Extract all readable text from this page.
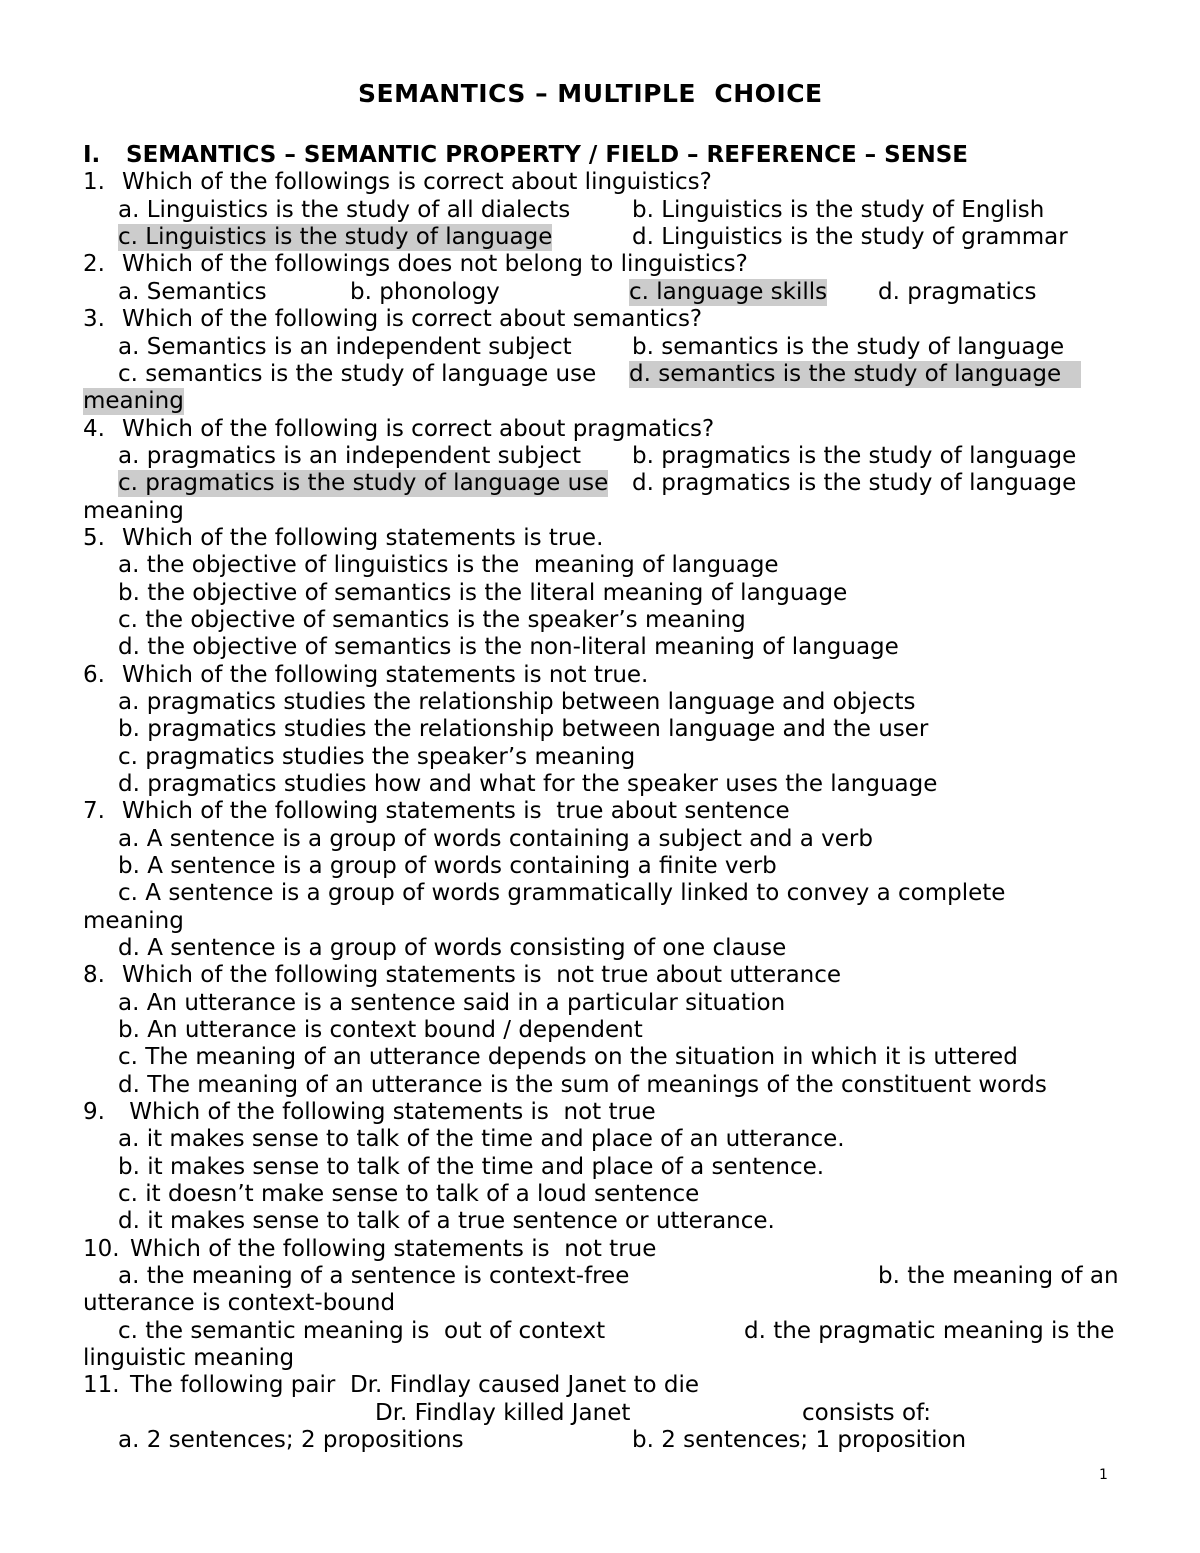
SEMANTICS – MULTIPLE  CHOICE
I. SEMANTICS – SEMANTIC PROPERTY / FIELD – REFERENCE – SENSE
1. Which of the followings is correct about linguistics?
a. Linguistics is the study of all dialects	b. Linguistics is the study of English
c. Linguistics is the study of language	d. Linguistics is the study of grammar
2. Which of the followings does not belong to linguistics?
a. Semantics	b. phonology	c. language skills d. pragmatics
3. Which of the following is correct about semantics?
a. Semantics is an independent subject	b. semantics is the study of language
c. semantics is the study of language use d. semantics is the study of language
meaning
4. Which of the following is correct about pragmatics?
a. pragmatics is an independent subject b. pragmatics is the study of language
c. pragmatics is the study of language use d. pragmatics is the study of language
meaning
5. Which of the following statements is true.
a. the objective of linguistics is the  meaning of language
b. the objective of semantics is the literal meaning of language
c. the objective of semantics is the speaker’s meaning
d. the objective of semantics is the non-literal meaning of language
6. Which of the following statements is not true.
a. pragmatics studies the relationship between language and objects
b. pragmatics studies the relationship between language and the user
c. pragmatics studies the speaker’s meaning
d. pragmatics studies how and what for the speaker uses the language
7. Which of the following statements is  true about sentence
a. A sentence is a group of words containing a subject and a verb
b. A sentence is a group of words containing a finite verb
c. A sentence is a group of words grammatically linked to convey a complete
meaning
d. A sentence is a group of words consisting of one clause
8. Which of the following statements is  not true about utterance
a. An utterance is a sentence said in a particular situation
b. An utterance is context bound / dependent
c. The meaning of an utterance depends on the situation in which it is uttered
d. The meaning of an utterance is the sum of meanings of the constituent words
9. Which of the following statements is  not true
a. it makes sense to talk of the time and place of an utterance.
b. it makes sense to talk of the time and place of a sentence.
c. it doesn’t make sense to talk of a loud sentence
d. it makes sense to talk of a true sentence or utterance.
10. Which of the following statements is  not true
a. the meaning of a sentence is context-free	b. the meaning of an
utterance is context-bound
c. the semantic meaning is  out of context	d. the pragmatic meaning is the
linguistic meaning
11. The following pair  Dr. Findlay caused Janet to die
Dr. Findlay killed Janet	consists of:
a. 2 sentences; 2 propositions	b. 2 sentences; 1 proposition
1
